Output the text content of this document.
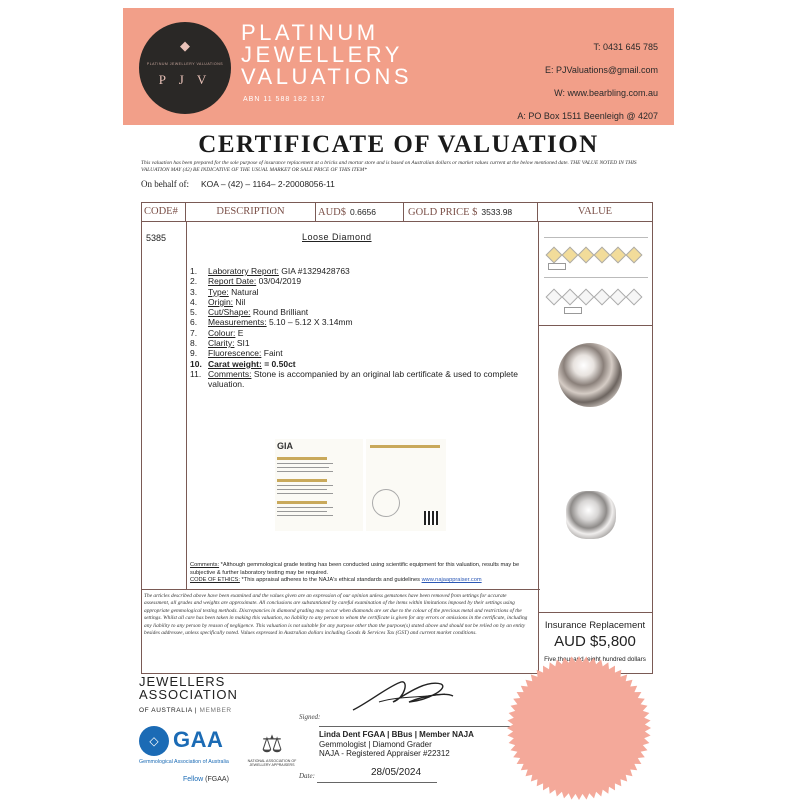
◆
PLATINUM JEWELLERY VALUATIONS
P J V
PLATINUM
JEWELLERY
VALUATIONS
ABN 11 588 182 137
T: 0431 645 785
E: PJValuations@gmail.com
W: www.bearbling.com.au
A: PO Box 1511 Beenleigh @ 4207
CERTIFICATE OF VALUATION
This valuation has been prepared for the sole purpose of insurance replacement at a bricks and mortar store and is based on Australian dollars or market values current at the below mentioned date. THE VALUE NOTED IN THIS VALUATION MAY (42) BE INDICATIVE OF THE USUAL MARKET OR SALE PRICE OF THIS ITEM*
On behalf of: KOA – (42) – 1164– 2-20008056-11
CODE#	DESCRIPTION	AUD$ 0.6656	GOLD PRICE $ 3533.98	VALUE
5385	Loose Diamond
1. Laboratory Report: GIA #1329428763
2. Report Date: 03/04/2019
3. Type: Natural
4. Origin: Nil
5. Cut/Shape: Round Brilliant
6. Measurements: 5.10 – 5.12 X 3.14mm
7. Colour: E
8. Clarity: SI1
9. Fluorescence: Faint
10. Carat weight: = 0.50ct
11. Comments: Stone is accompanied by an original lab certificate & used to complete valuation.
GIA
Comments: *Although gemmological grade testing has been conducted using scientific equipment for this valuation, results may be subjective & further laboratory testing may be required.
CODE OF ETHICS: *This appraisal adheres to the NAJA's ethical standards and guidelines www.najaappraiser.com
The articles described above have been examined and the values given are an expression of our opinion unless gemstones have been removed from settings for accurate assessment, all grades and weights are approximate. All conclusions are substantiated by careful examination of the items within limitations imposed by their settings using appropriate gemmological testing methods. Discrepancies in diamond grading may occur when diamonds are set due to the colour of the precious metal and restrictions of the settings. Whilst all care has been taken in making this valuation, no liability to any person to whom the certificate is given for any errors or omissions in the certificate, including any liability to any person by reason of negligence. This valuation is not suitable for any purpose other than the purpose(s) stated above and should not be relied on by an entity besides addressee, unless specifically noted. Values expressed in Australian dollars including Goods & Services Tax (GST) and current market conditions.
Insurance Replacement
AUD $5,800
Five thousand, eight hundred dollars
JEWELLERS
ASSOCIATION
OF AUSTRALIA | MEMBER
◇ GAA
Gemmological Association of Australia
Fellow (FGAA)
⚖
NATIONAL ASSOCIATION OF
JEWELLERY APPRAISERS
Signed:
Linda Dent FGAA | BBus | Member NAJA
Gemmologist | Diamond Grader
NAJA - Registered Appraiser #22312
Date:	28/05/2024
